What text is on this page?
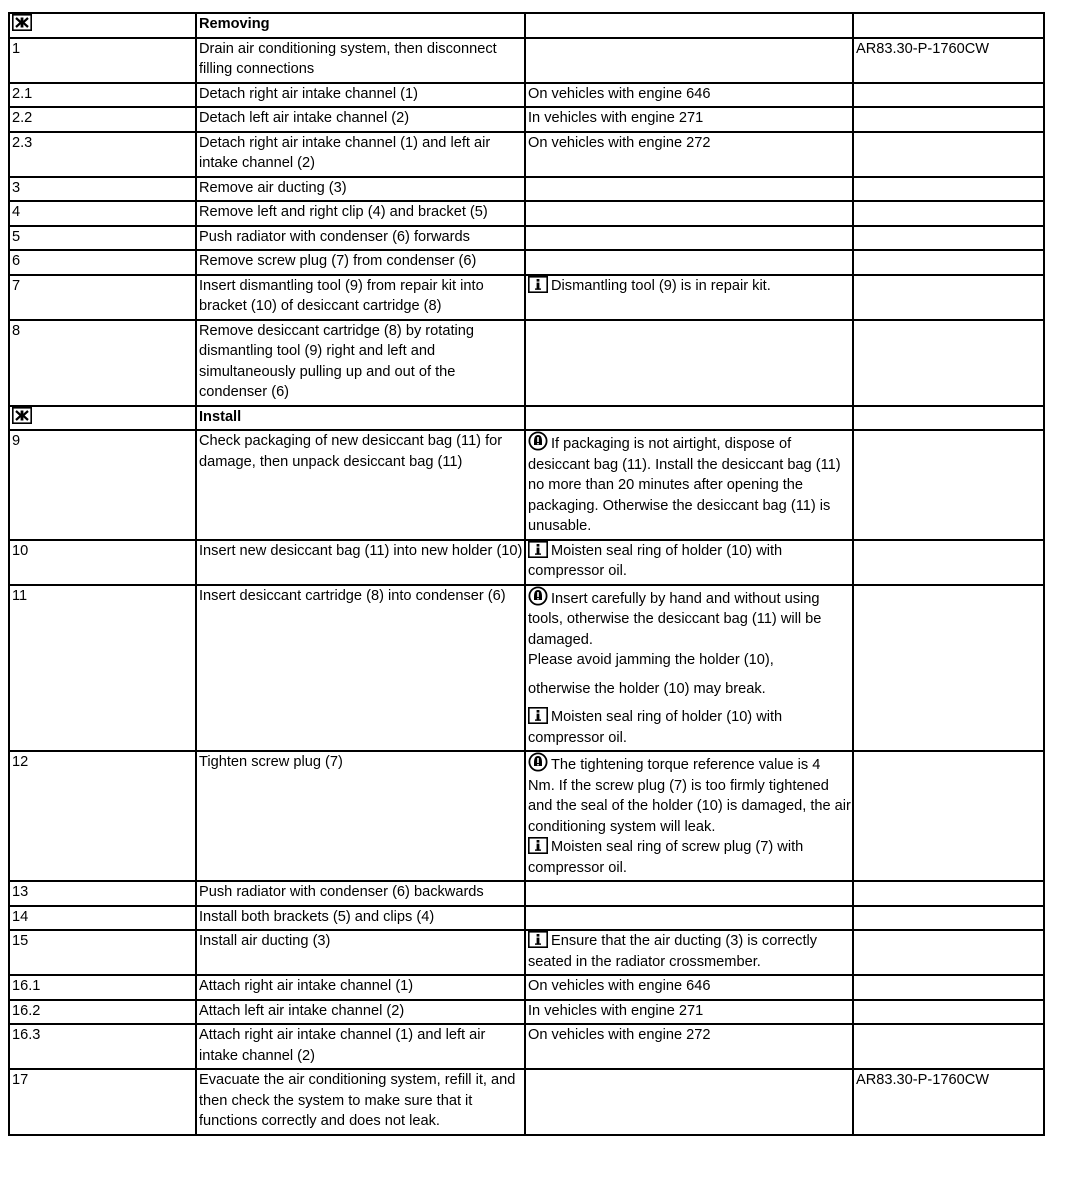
	Removing		
1	Drain air conditioning system, then disconnect filling connections		AR83.30-P-1760CW
2.1	Detach right air intake channel (1)	On vehicles with engine 646	

2.2	Detach left air intake channel (2)	In vehicles with engine 271	

2.3	Detach right air intake channel (1) and left air intake channel (2)	On vehicles with engine 272	

3	Remove air ducting (3)		
4	Remove left and right clip (4) and bracket (5)		
5	Push radiator with condenser (6) forwards		
6	Remove screw plug (7) from condenser (6)		
7	Insert dismantling tool (9) from repair kit into bracket (10) of desiccant cartridge (8)	Dismantling tool (9) is in repair kit.	

8	Remove desiccant cartridge (8) by rotating dismantling tool (9) right and left and simultaneously pulling up and out of the condenser (6)		

	Install		
9	Check packaging of new desiccant bag (11) for damage, then unpack desiccant bag (11)	If packaging is not airtight, dispose of desiccant bag (11). Install the desiccant bag (11) no more than 20 minutes after opening the packaging. Otherwise the desiccant bag (11) is unusable.	

10	Insert new desiccant bag (11) into new holder (10)	Moisten seal ring of holder (10) with compressor oil.	

11	Insert desiccant cartridge (8) into condenser (6)	Insert carefully by hand and without using tools, otherwise the desiccant bag (11) will be damaged.
Please avoid jamming the holder (10),
otherwise the holder (10) may break.
Moisten seal ring of holder (10) with compressor oil.	

12	Tighten screw plug (7)	The tightening torque reference value is 4 Nm. If the screw plug (7) is too firmly tightened and the seal of the holder (10) is damaged, the air conditioning system will leak.
Moisten seal ring of screw plug (7) with compressor oil.	

13	Push radiator with condenser (6) backwards		
14	Install both brackets (5) and clips (4)		
15	Install air ducting (3)	Ensure that the air ducting (3) is correctly seated in the radiator crossmember.	

16.1	Attach right air intake channel (1)	On vehicles with engine 646	

16.2	Attach left air intake channel (2)	In vehicles with engine 271	

16.3	Attach right air intake channel (1) and left air intake channel (2)	On vehicles with engine 272	

17	Evacuate the air conditioning system, refill it, and then check the system to make sure that it functions correctly and does not leak.		AR83.30-P-1760CW
